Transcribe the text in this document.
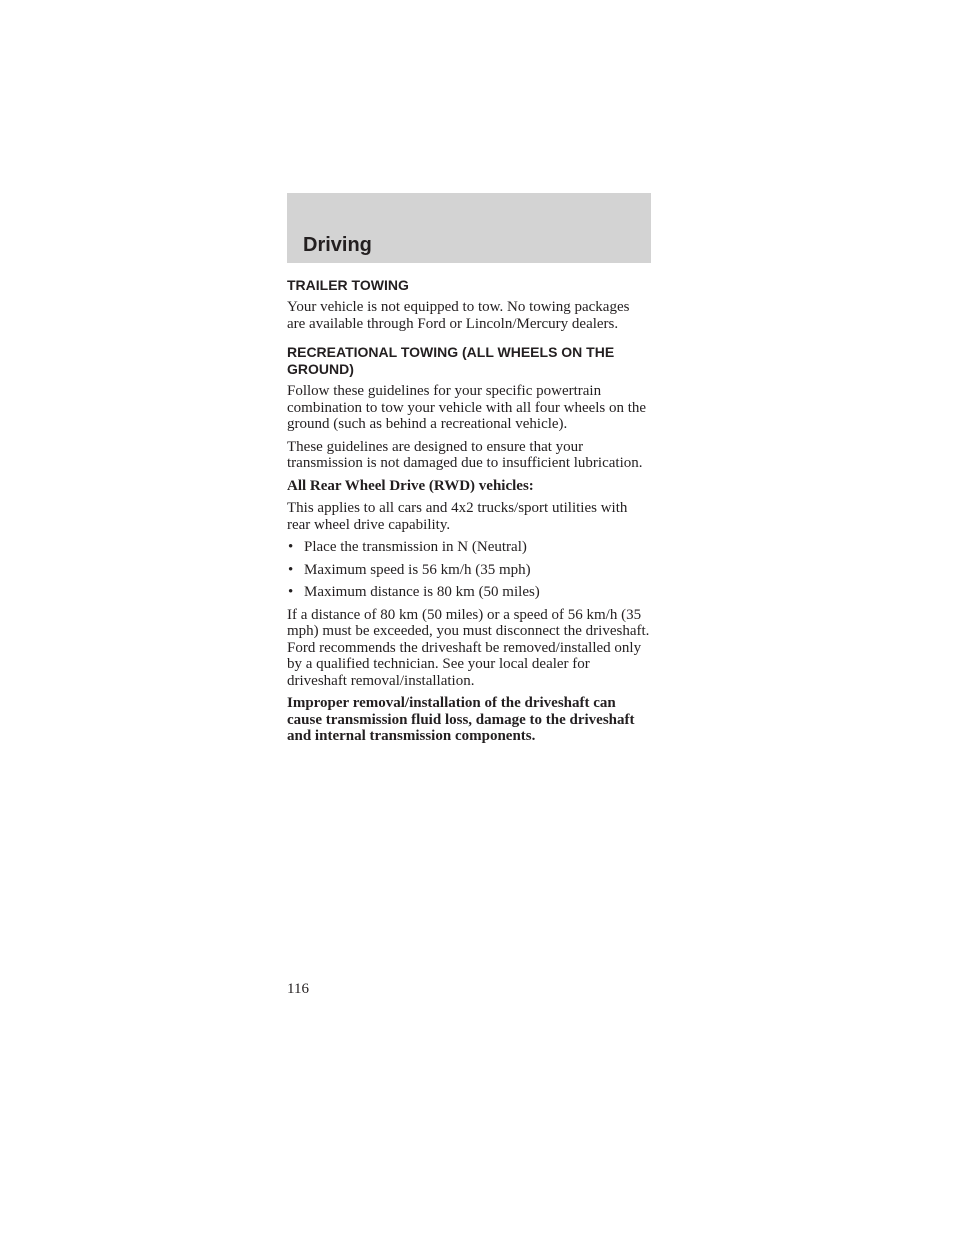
Driving
TRAILER TOWING

Your vehicle is not equipped to tow. No towing packages are available through Ford or Lincoln/Mercury dealers.

RECREATIONAL TOWING (ALL WHEELS ON THE GROUND)

Follow these guidelines for your specific powertrain combination to tow your vehicle with all four wheels on the ground (such as behind a recreational vehicle).

These guidelines are designed to ensure that your transmission is not damaged due to insufficient lubrication.

All Rear Wheel Drive (RWD) vehicles:

This applies to all cars and 4x2 trucks/sport utilities with rear wheel drive capability.

• Place the transmission in N (Neutral)
• Maximum speed is 56 km/h (35 mph)
• Maximum distance is 80 km (50 miles)

If a distance of 80 km (50 miles) or a speed of 56 km/h (35 mph) must be exceeded, you must disconnect the driveshaft. Ford recommends the driveshaft be removed/installed only by a qualified technician. See your local dealer for driveshaft removal/installation.

Improper removal/installation of the driveshaft can cause transmission fluid loss, damage to the driveshaft and internal transmission components.

116
